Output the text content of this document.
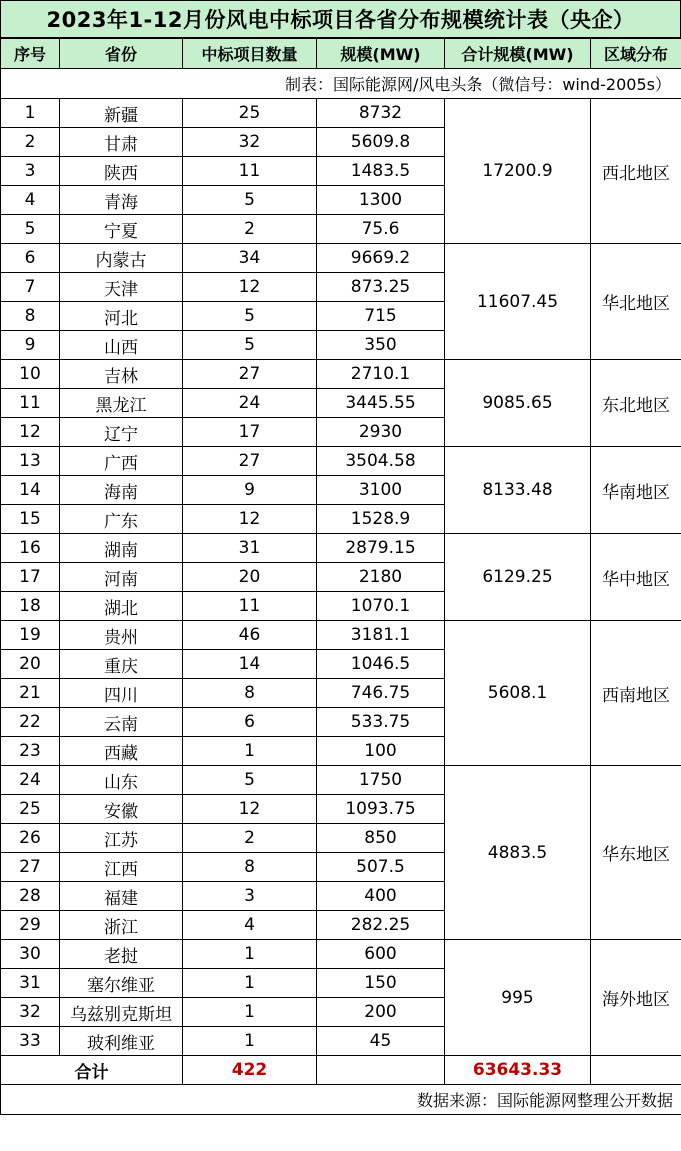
2023年1-12月份风电中标项目各省分布规模统计表（央企）
序号	省份	中标项目数量	规模(MW)	合计规模(MW)	区域分布
制表：国际能源网/风电头条（微信号：wind-2005s）					
1	新疆	25	8732	17200.9	西北地区
2	甘肃	32	5609.8		
3	陕西	11	1483.5		
4	青海	5	1300		
5	宁夏	2	75.6		
6	内蒙古	34	9669.2	11607.45	华北地区
7	天津	12	873.25		
8	河北	5	715		
9	山西	5	350		
10	吉林	27	2710.1	9085.65	东北地区
11	黑龙江	24	3445.55		
12	辽宁	17	2930		
13	广西	27	3504.58	8133.48	华南地区
14	海南	9	3100		
15	广东	12	1528.9		
16	湖南	31	2879.15	6129.25	华中地区
17	河南	20	2180		
18	湖北	11	1070.1		
19	贵州	46	3181.1	5608.1	西南地区
20	重庆	14	1046.5		
21	四川	8	746.75		
22	云南	6	533.75		
23	西藏	1	100		
24	山东	5	1750	4883.5	华东地区
25	安徽	12	1093.75		
26	江苏	2	850		
27	江西	8	507.5		
28	福建	3	400		
29	浙江	4	282.25		
30	老挝	1	600	995	海外地区
31	塞尔维亚	1	150		
32	乌兹别克斯坦	1	200		
33	玻利维亚	1	45		
合计		422		63643.33	
数据来源：国际能源网整理公开数据					
